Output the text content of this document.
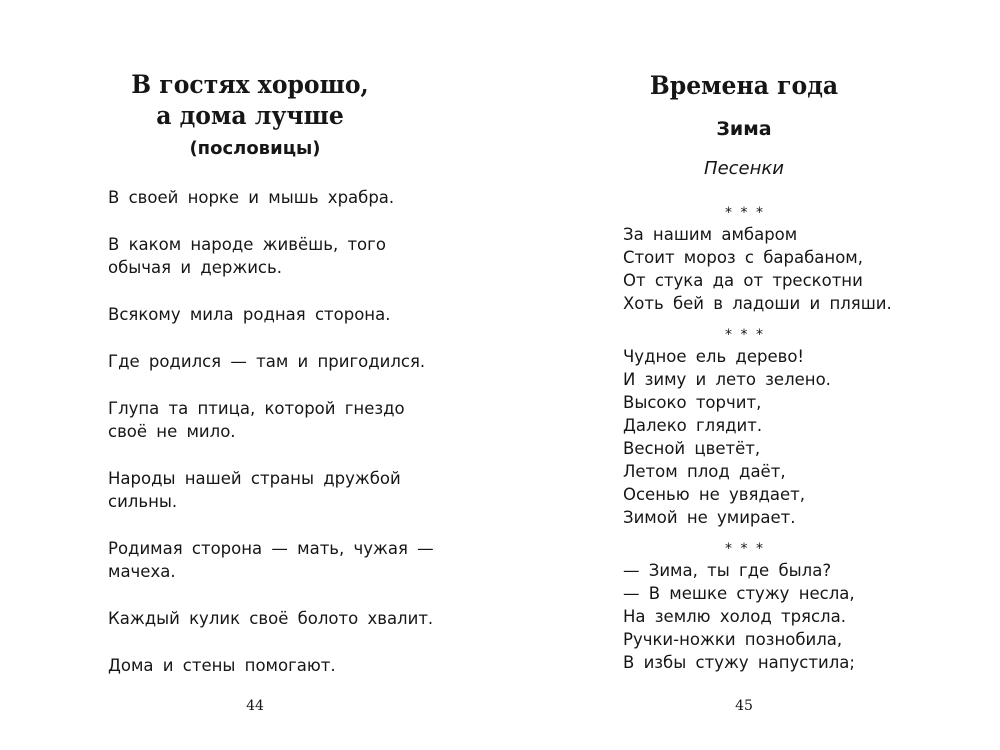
В гостях хорошо,
а дома лучше
(пословицы)
В своей норке и мышь храбра.
В каком народе живёшь, того
обычая и держись.
Всякому мила родная сторона.
Где родился — там и пригодился.
Глупа та птица, которой гнездо
своё не мило.
Народы нашей страны дружбой
сильны.
Родимая сторона — мать, чужая —
мачеха.
Каждый кулик своё болото хвалит.
Дома и стены помогают.
44
Времена года
Зима
Песенки
* * *
За нашим амбаром
Стоит мороз с барабаном,
От стука да от трескотни
Хоть бей в ладоши и пляши.
* * *
Чудное ель дерево!
И зиму и лето зелено.
Высоко торчит,
Далеко глядит.
Весной цветёт,
Летом плод даёт,
Осенью не увядает,
Зимой не умирает.
* * *
— Зима, ты где была?
— В мешке стужу несла,
На землю холод трясла.
Ручки-ножки познобила,
В избы стужу напустила;
45
